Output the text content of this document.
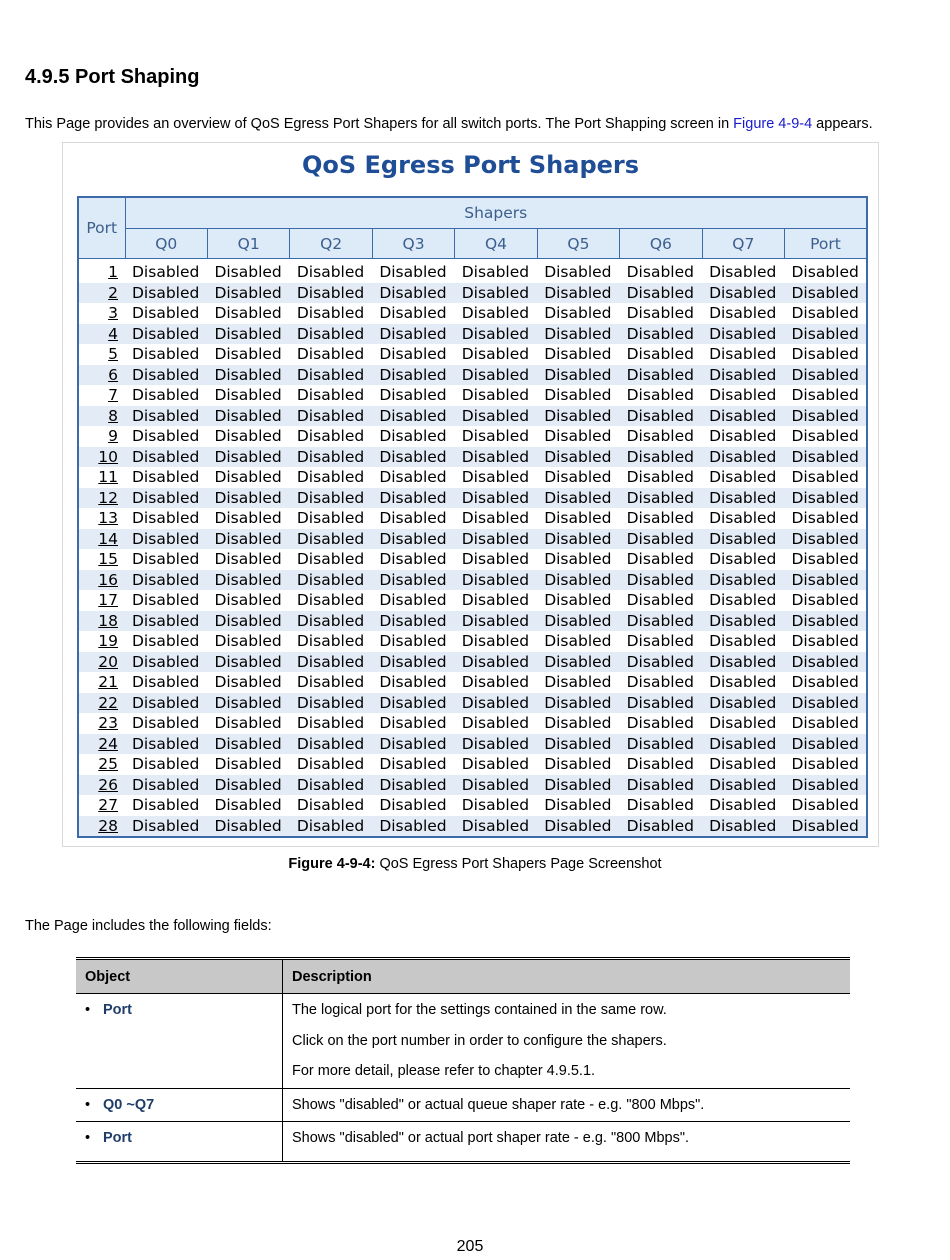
4.9.5 Port Shaping

This Page provides an overview of QoS Egress Port Shapers for all switch ports. The Port Shapping screen in Figure 4-9-4 appears.

QoS Egress Port Shapers
Port	Shapers								
	Q0	Q1	Q2	Q3	Q4	Q5	Q6	Q7	Port
1	Disabled	Disabled	Disabled	Disabled	Disabled	Disabled	Disabled	Disabled	Disabled
2	Disabled	Disabled	Disabled	Disabled	Disabled	Disabled	Disabled	Disabled	Disabled
3	Disabled	Disabled	Disabled	Disabled	Disabled	Disabled	Disabled	Disabled	Disabled
4	Disabled	Disabled	Disabled	Disabled	Disabled	Disabled	Disabled	Disabled	Disabled
5	Disabled	Disabled	Disabled	Disabled	Disabled	Disabled	Disabled	Disabled	Disabled
6	Disabled	Disabled	Disabled	Disabled	Disabled	Disabled	Disabled	Disabled	Disabled
7	Disabled	Disabled	Disabled	Disabled	Disabled	Disabled	Disabled	Disabled	Disabled
8	Disabled	Disabled	Disabled	Disabled	Disabled	Disabled	Disabled	Disabled	Disabled
9	Disabled	Disabled	Disabled	Disabled	Disabled	Disabled	Disabled	Disabled	Disabled
10	Disabled	Disabled	Disabled	Disabled	Disabled	Disabled	Disabled	Disabled	Disabled
11	Disabled	Disabled	Disabled	Disabled	Disabled	Disabled	Disabled	Disabled	Disabled
12	Disabled	Disabled	Disabled	Disabled	Disabled	Disabled	Disabled	Disabled	Disabled
13	Disabled	Disabled	Disabled	Disabled	Disabled	Disabled	Disabled	Disabled	Disabled
14	Disabled	Disabled	Disabled	Disabled	Disabled	Disabled	Disabled	Disabled	Disabled
15	Disabled	Disabled	Disabled	Disabled	Disabled	Disabled	Disabled	Disabled	Disabled
16	Disabled	Disabled	Disabled	Disabled	Disabled	Disabled	Disabled	Disabled	Disabled
17	Disabled	Disabled	Disabled	Disabled	Disabled	Disabled	Disabled	Disabled	Disabled
18	Disabled	Disabled	Disabled	Disabled	Disabled	Disabled	Disabled	Disabled	Disabled
19	Disabled	Disabled	Disabled	Disabled	Disabled	Disabled	Disabled	Disabled	Disabled
20	Disabled	Disabled	Disabled	Disabled	Disabled	Disabled	Disabled	Disabled	Disabled
21	Disabled	Disabled	Disabled	Disabled	Disabled	Disabled	Disabled	Disabled	Disabled
22	Disabled	Disabled	Disabled	Disabled	Disabled	Disabled	Disabled	Disabled	Disabled
23	Disabled	Disabled	Disabled	Disabled	Disabled	Disabled	Disabled	Disabled	Disabled
24	Disabled	Disabled	Disabled	Disabled	Disabled	Disabled	Disabled	Disabled	Disabled
25	Disabled	Disabled	Disabled	Disabled	Disabled	Disabled	Disabled	Disabled	Disabled
26	Disabled	Disabled	Disabled	Disabled	Disabled	Disabled	Disabled	Disabled	Disabled
27	Disabled	Disabled	Disabled	Disabled	Disabled	Disabled	Disabled	Disabled	Disabled
28	Disabled	Disabled	Disabled	Disabled	Disabled	Disabled	Disabled	Disabled	Disabled

Figure 4-9-4: QoS Egress Port Shapers Page Screenshot

The Page includes the following fields:

Object	Description
• Port	The logical port for the settings contained in the same row.

Click on the port number in order to configure the shapers.

For more detail, please refer to chapter 4.9.5.1.

• Q0 ~Q7	Shows "disabled" or actual queue shaper rate - e.g. "800 Mbps".

• Port	Shows "disabled" or actual port shaper rate - e.g. "800 Mbps".

205
